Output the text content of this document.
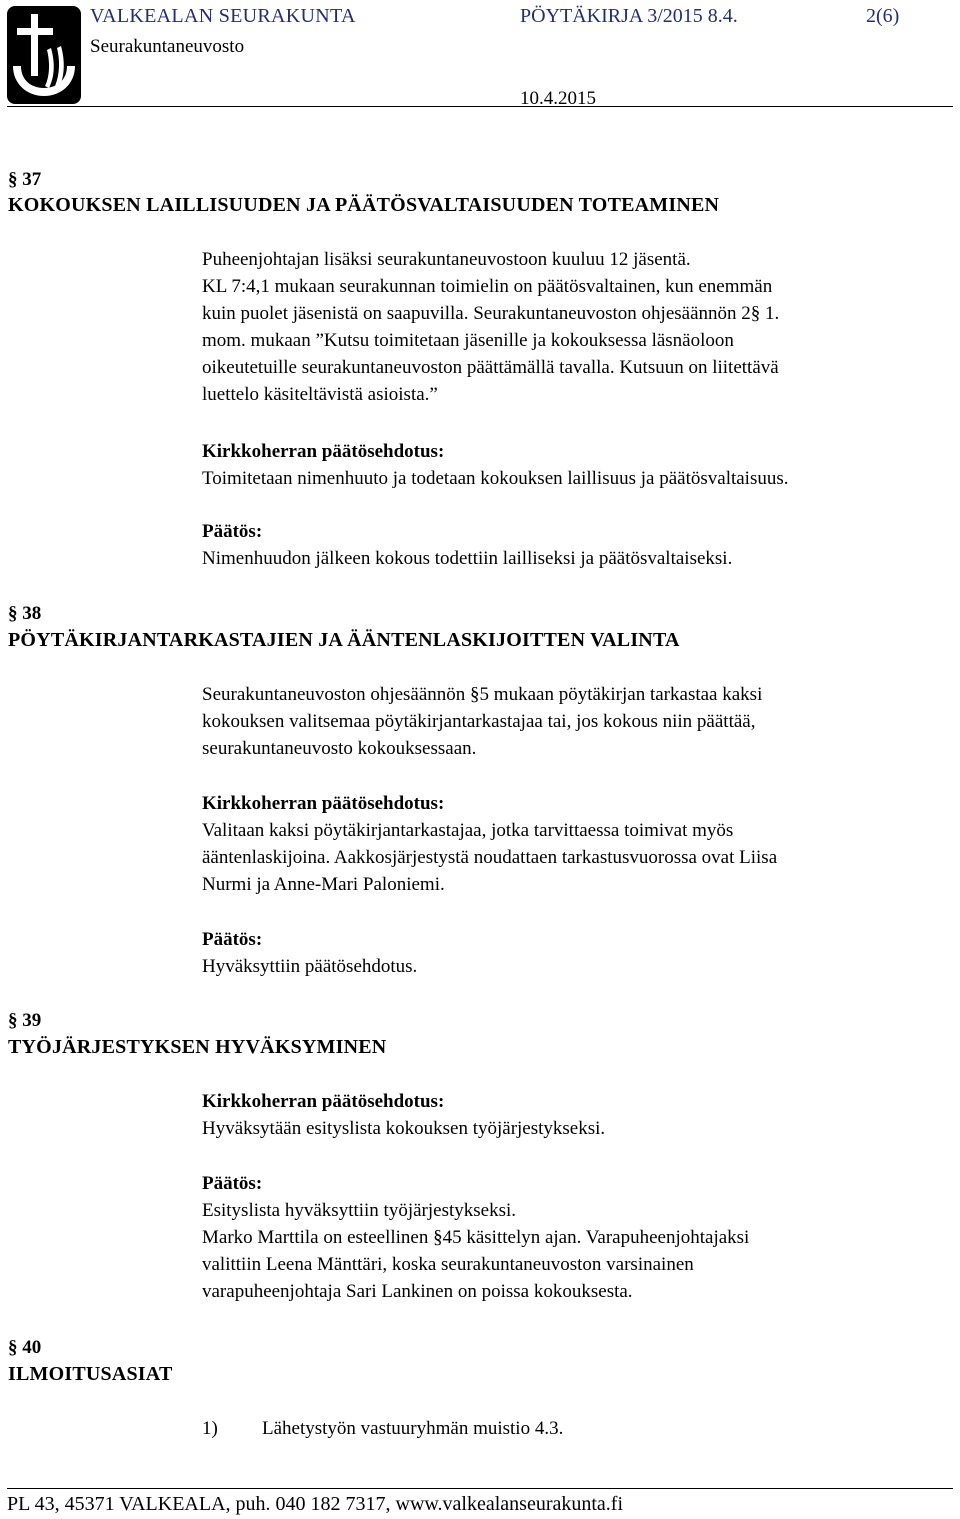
VALKEALAN SEURAKUNTA	PÖYTÄKIRJA 3/2015 8.4.	2(6)
Seurakuntaneuvosto
10.4.2015
§ 37
KOKOUKSEN LAILLISUUDEN JA PÄÄTÖSVALTAISUUDEN TOTEAMINEN
Puheenjohtajan lisäksi seurakuntaneuvostoon kuuluu 12 jäsentä.
KL 7:4,1 mukaan seurakunnan toimielin on päätösvaltainen, kun enemmän
kuin puolet jäsenistä on saapuvilla. Seurakuntaneuvoston ohjesäännön 2§ 1.
mom. mukaan ”Kutsu toimitetaan jäsenille ja kokouksessa läsnäoloon
oikeutetuille seurakuntaneuvoston päättämällä tavalla. Kutsuun on liitettävä
luettelo käsiteltävistä asioista.”
Kirkkoherran päätösehdotus:
Toimitetaan nimenhuuto ja todetaan kokouksen laillisuus ja päätösvaltaisuus.
Päätös:
Nimenhuudon jälkeen kokous todettiin lailliseksi ja päätösvaltaiseksi.
§ 38
PÖYTÄKIRJANTARKASTAJIEN JA ÄÄNTENLASKIJOITTEN VALINTA
Seurakuntaneuvoston ohjesäännön §5 mukaan pöytäkirjan tarkastaa kaksi
kokouksen valitsemaa pöytäkirjantarkastajaa tai, jos kokous niin päättää,
seurakuntaneuvosto kokouksessaan.
Kirkkoherran päätösehdotus:
Valitaan kaksi pöytäkirjantarkastajaa, jotka tarvittaessa toimivat myös
ääntenlaskijoina. Aakkosjärjestystä noudattaen tarkastusvuorossa ovat Liisa
Nurmi ja Anne-Mari Paloniemi.
Päätös:
Hyväksyttiin päätösehdotus.
§ 39
TYÖJÄRJESTYKSEN HYVÄKSYMINEN
Kirkkoherran päätösehdotus:
Hyväksytään esityslista kokouksen työjärjestykseksi.
Päätös:
Esityslista hyväksyttiin työjärjestykseksi.
Marko Marttila on esteellinen §45 käsittelyn ajan. Varapuheenjohtajaksi
valittiin Leena Mänttäri, koska seurakuntaneuvoston varsinainen
varapuheenjohtaja Sari Lankinen on poissa kokouksesta.
§ 40
ILMOITUSASIAT
1) Lähetystyön vastuuryhmän muistio 4.3.
PL 43, 45371 VALKEALA, puh. 040 182 7317, www.valkealanseurakunta.fi
